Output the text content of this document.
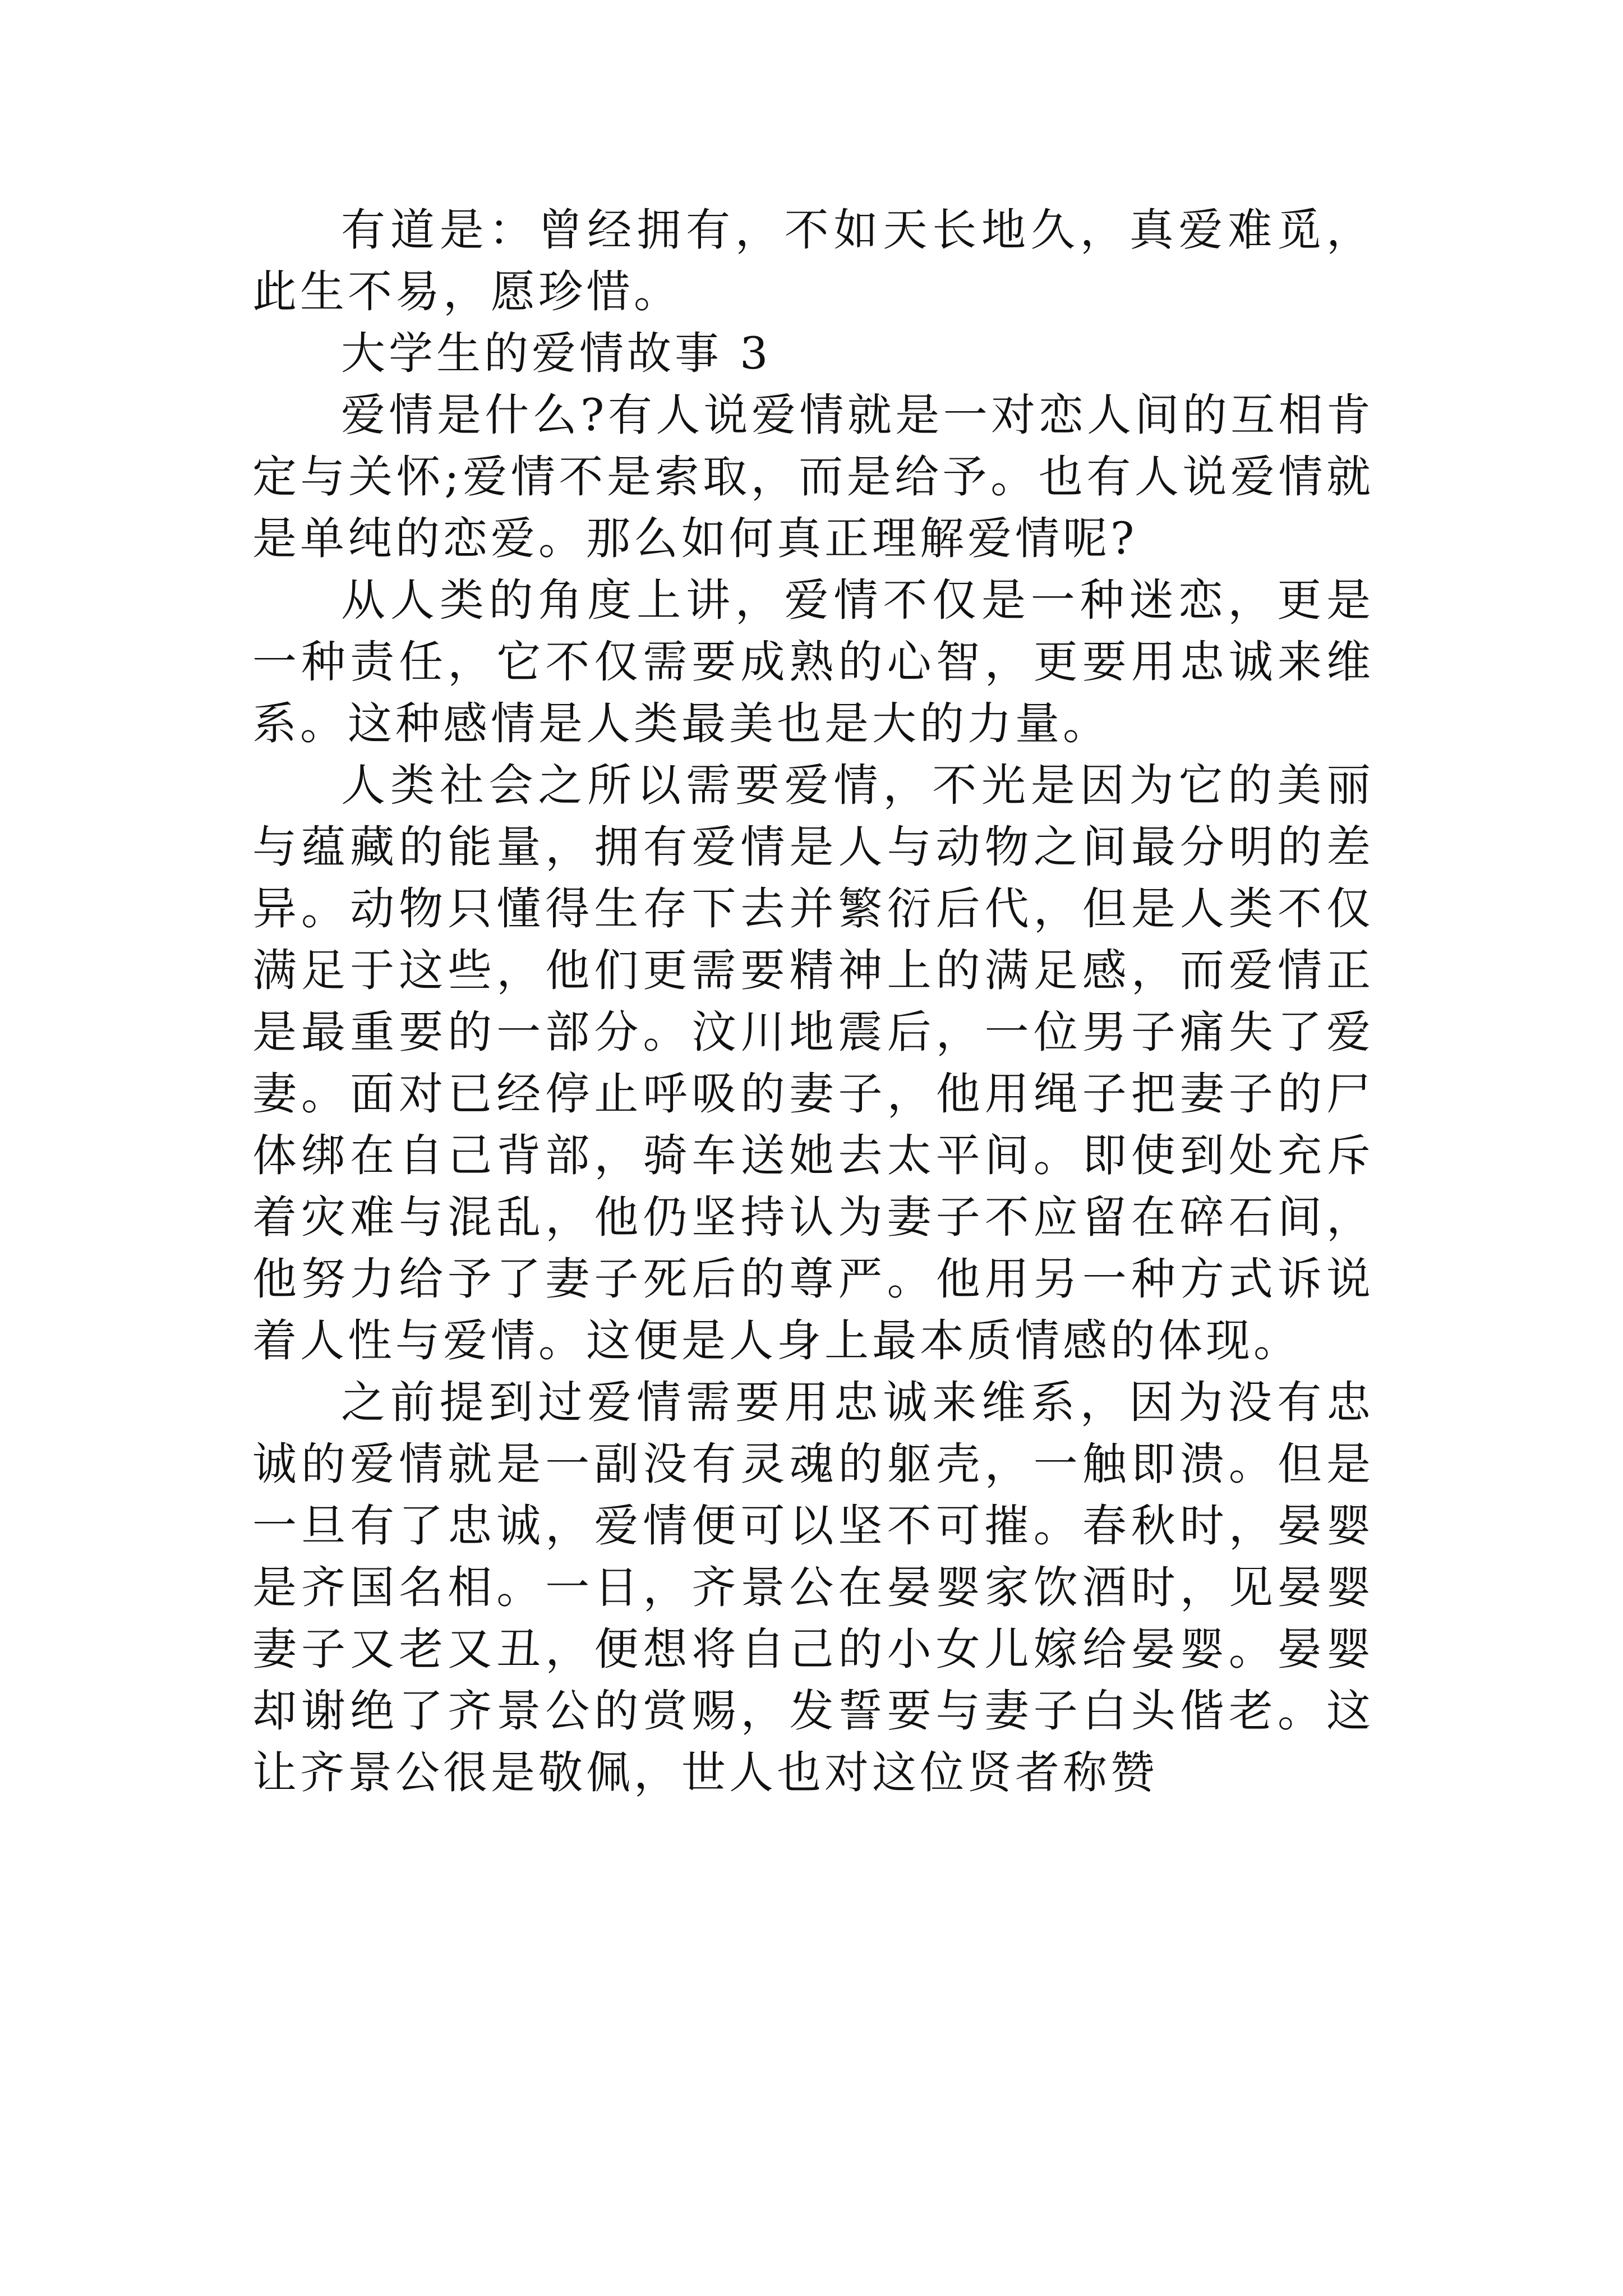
有道是：曾经拥有，不如天长地久，真爱难觅，此生不易，愿珍惜。

大学生的爱情故事 3

爱情是什么?有人说爱情就是一对恋人间的互相肯定与关怀;爱情不是索取，而是给予。也有人说爱情就是单纯的恋爱。那么如何真正理解爱情呢?

从人类的角度上讲，爱情不仅是一种迷恋，更是一种责任，它不仅需要成熟的心智，更要用忠诚来维系。这种感情是人类最美也是大的力量。

人类社会之所以需要爱情，不光是因为它的美丽与蕴藏的能量，拥有爱情是人与动物之间最分明的差异。动物只懂得生存下去并繁衍后代，但是人类不仅满足于这些，他们更需要精神上的满足感，而爱情正是最重要的一部分。汶川地震后，一位男子痛失了爱妻。面对已经停止呼吸的妻子，他用绳子把妻子的尸体绑在自己背部，骑车送她去太平间。即使到处充斥着灾难与混乱，他仍坚持认为妻子不应留在碎石间，他努力给予了妻子死后的尊严。他用另一种方式诉说着人性与爱情。这便是人身上最本质情感的体现。

之前提到过爱情需要用忠诚来维系，因为没有忠诚的爱情就是一副没有灵魂的躯壳，一触即溃。但是一旦有了忠诚，爱情便可以坚不可摧。春秋时，晏婴是齐国名相。一日，齐景公在晏婴家饮酒时，见晏婴妻子又老又丑，便想将自己的小女儿嫁给晏婴。晏婴却谢绝了齐景公的赏赐，发誓要与妻子白头偕老。这让齐景公很是敬佩，世人也对这位贤者称赞
